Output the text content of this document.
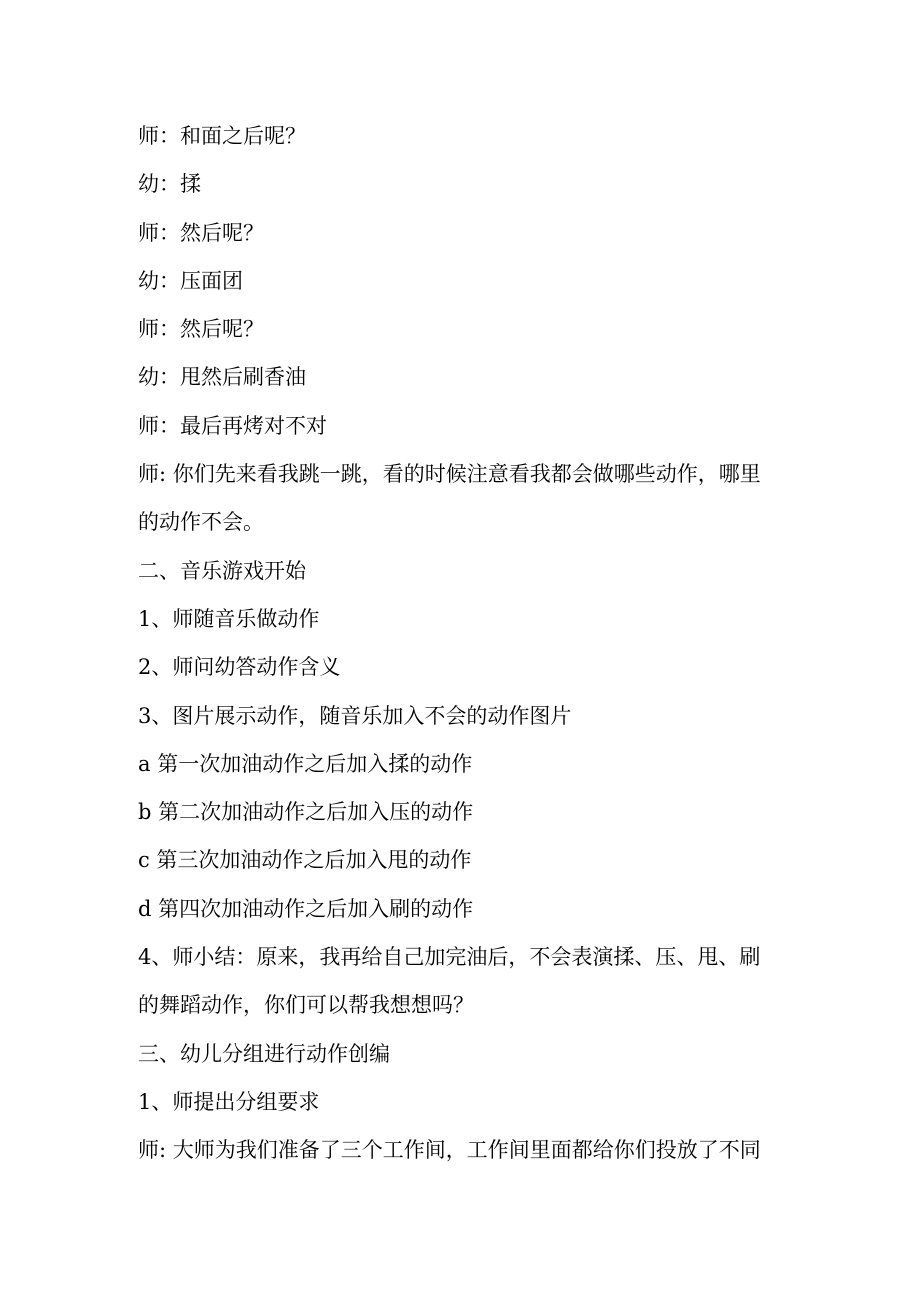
师：和面之后呢？

幼：揉

师：然后呢？

幼：压面团

师：然后呢？

幼：甩然后刷香油

师：最后再烤对不对

师: 你们先来看我跳一跳，看的时候注意看我都会做哪些动作，哪里

的动作不会。

二、音乐游戏开始

1、师随音乐做动作

2、师问幼答动作含义

3、图片展示动作，随音乐加入不会的动作图片

a 第一次加油动作之后加入揉的动作

b 第二次加油动作之后加入压的动作

c 第三次加油动作之后加入甩的动作

d 第四次加油动作之后加入刷的动作

4、师小结：原来，我再给自己加完油后，不会表演揉、压、甩、刷

的舞蹈动作，你们可以帮我想想吗？

三、幼儿分组进行动作创编

1、师提出分组要求

师: 大师为我们准备了三个工作间，工作间里面都给你们投放了不同
